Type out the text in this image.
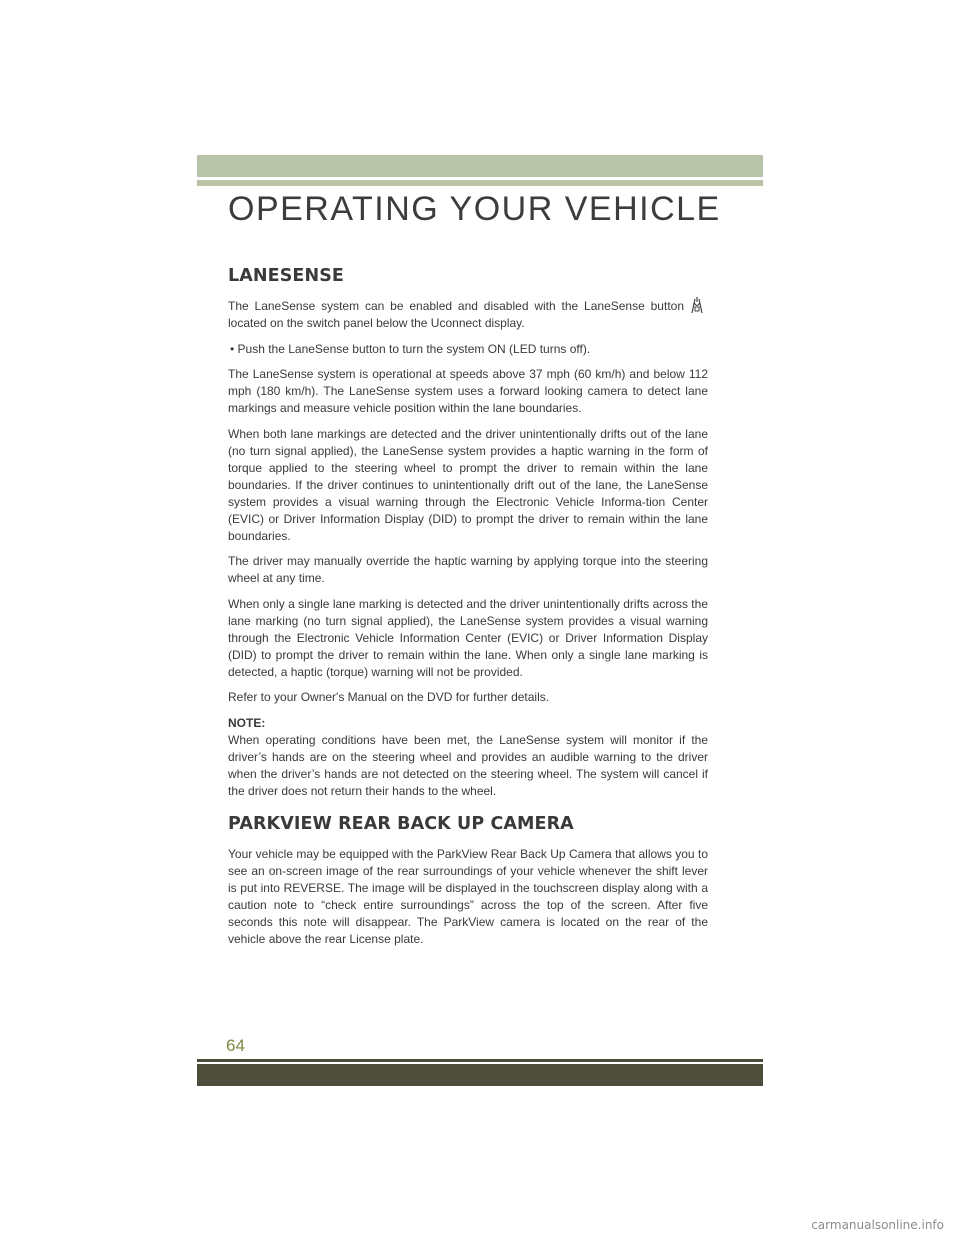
OPERATING YOUR VEHICLE
LANESENSE

The LaneSense system can be enabled and disabled with the LaneSense button located on the switch panel below the Uconnect display.

• Push the LaneSense button to turn the system ON (LED turns off).

The LaneSense system is operational at speeds above 37 mph (60 km/h) and below 112 mph (180 km/h). The LaneSense system uses a forward looking camera to detect lane markings and measure vehicle position within the lane boundaries.

When both lane markings are detected and the driver unintentionally drifts out of the lane (no turn signal applied), the LaneSense system provides a haptic warning in the form of torque applied to the steering wheel to prompt the driver to remain within the lane boundaries. If the driver continues to unintentionally drift out of the lane, the LaneSense system provides a visual warning through the Electronic Vehicle Informa-tion Center (EVIC) or Driver Information Display (DID) to prompt the driver to remain within the lane boundaries.

The driver may manually override the haptic warning by applying torque into the steering wheel at any time.

When only a single lane marking is detected and the driver unintentionally drifts across the lane marking (no turn signal applied), the LaneSense system provides a visual warning through the Electronic Vehicle Information Center (EVIC) or Driver Information Display (DID) to prompt the driver to remain within the lane. When only a single lane marking is detected, a haptic (torque) warning will not be provided.

Refer to your Owner's Manual on the DVD for further details.

NOTE:

When operating conditions have been met, the LaneSense system will monitor if the driver’s hands are on the steering wheel and provides an audible warning to the driver when the driver’s hands are not detected on the steering wheel. The system will cancel if the driver does not return their hands to the wheel.

PARKVIEW REAR BACK UP CAMERA

Your vehicle may be equipped with the ParkView Rear Back Up Camera that allows you to see an on-screen image of the rear surroundings of your vehicle whenever the shift lever is put into REVERSE. The image will be displayed in the touchscreen display along with a caution note to “check entire surroundings” across the top of the screen. After five seconds this note will disappear. The ParkView camera is located on the rear of the vehicle above the rear License plate.

64
carmanualsonline.info
